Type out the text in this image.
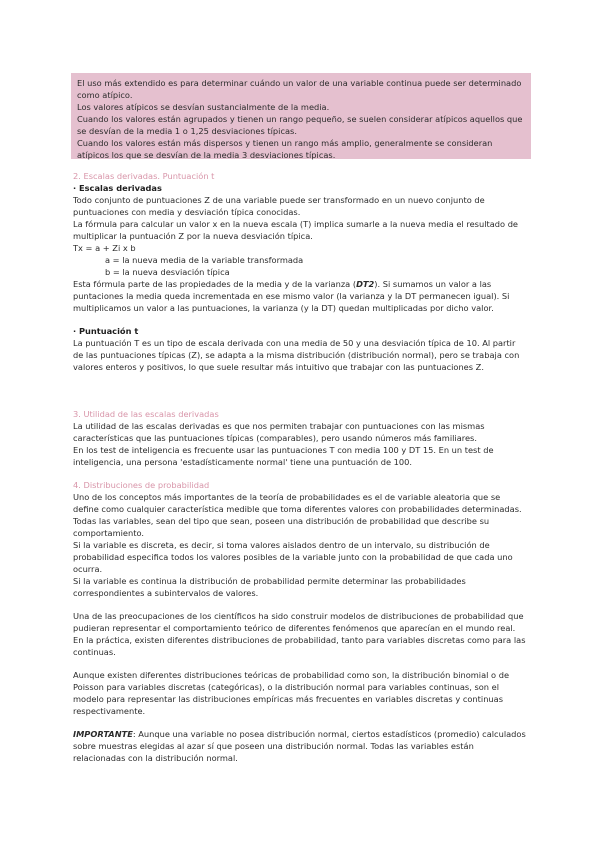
El uso más extendido es para determinar cuándo un valor de una variable continua puede ser determinado como atípico.

Los valores atípicos se desvían sustancialmente de la media.

Cuando los valores están agrupados y tienen un rango pequeño, se suelen considerar atípicos aquellos que se desvían de la media 1 o 1,25 desviaciones típicas.

Cuando los valores están más dispersos y tienen un rango más amplio, generalmente se consideran atípicos los que se desvían de la media 3 desviaciones típicas.

2. Escalas derivadas. Puntuación t

· Escalas derivadas

Todo conjunto de puntuaciones Z de una variable puede ser transformado en un nuevo conjunto de puntuaciones con media y desviación típica conocidas.

La fórmula para calcular un valor x en la nueva escala (T) implica sumarle a la nueva media el resultado de multiplicar la puntuación Z por la nueva desviación típica.

Tx = a + Zi x b

a = la nueva media de la variable transformada

b = la nueva desviación típica

Esta fórmula parte de las propiedades de la media y de la varianza (DT2). Si sumamos un valor a las puntaciones la media queda incrementada en ese mismo valor (la varianza y la DT permanecen igual). Si multiplicamos un valor a las puntuaciones, la varianza (y la DT) quedan multiplicadas por dicho valor.

· Puntuación t

La puntuación T es un tipo de escala derivada con una media de 50 y una desviación típica de 10. Al partir de las puntuaciones típicas (Z), se adapta a la misma distribución (distribución normal), pero se trabaja con valores enteros y positivos, lo que suele resultar más intuitivo que trabajar con las puntuaciones Z.

3. Utilidad de las escalas derivadas

La utilidad de las escalas derivadas es que nos permiten trabajar con puntuaciones con las mismas características que las puntuaciones típicas (comparables), pero usando números más familiares.

En los test de inteligencia es frecuente usar las puntuaciones T con media 100 y DT 15. En un test de inteligencia, una persona 'estadísticamente normal' tiene una puntuación de 100.

4. Distribuciones de probabilidad

Uno de los conceptos más importantes de la teoría de probabilidades es el de variable aleatoria que se define como cualquier característica medible que toma diferentes valores con probabilidades determinadas.

Todas las variables, sean del tipo que sean, poseen una distribución de probabilidad que describe su comportamiento.

Si la variable es discreta, es decir, si toma valores aislados dentro de un intervalo, su distribución de probabilidad especifica todos los valores posibles de la variable junto con la probabilidad de que cada uno ocurra.

Si la variable es continua la distribución de probabilidad permite determinar las probabilidades correspondientes a subintervalos de valores.

Una de las preocupaciones de los científicos ha sido construir modelos de distribuciones de probabilidad que pudieran representar el comportamiento teórico de diferentes fenómenos que aparecían en el mundo real. En la práctica, existen diferentes distribuciones de probabilidad, tanto para variables discretas como para las continuas.

Aunque existen diferentes distribuciones teóricas de probabilidad como son, la distribución binomial o de Poisson para variables discretas (categóricas), o la distribución normal para variables continuas, son el modelo para representar las distribuciones empíricas más frecuentes en variables discretas y continuas respectivamente.

IMPORTANTE: Aunque una variable no posea distribución normal, ciertos estadísticos (promedio) calculados sobre muestras elegidas al azar sí que poseen una distribución normal. Todas las variables están relacionadas con la distribución normal.
